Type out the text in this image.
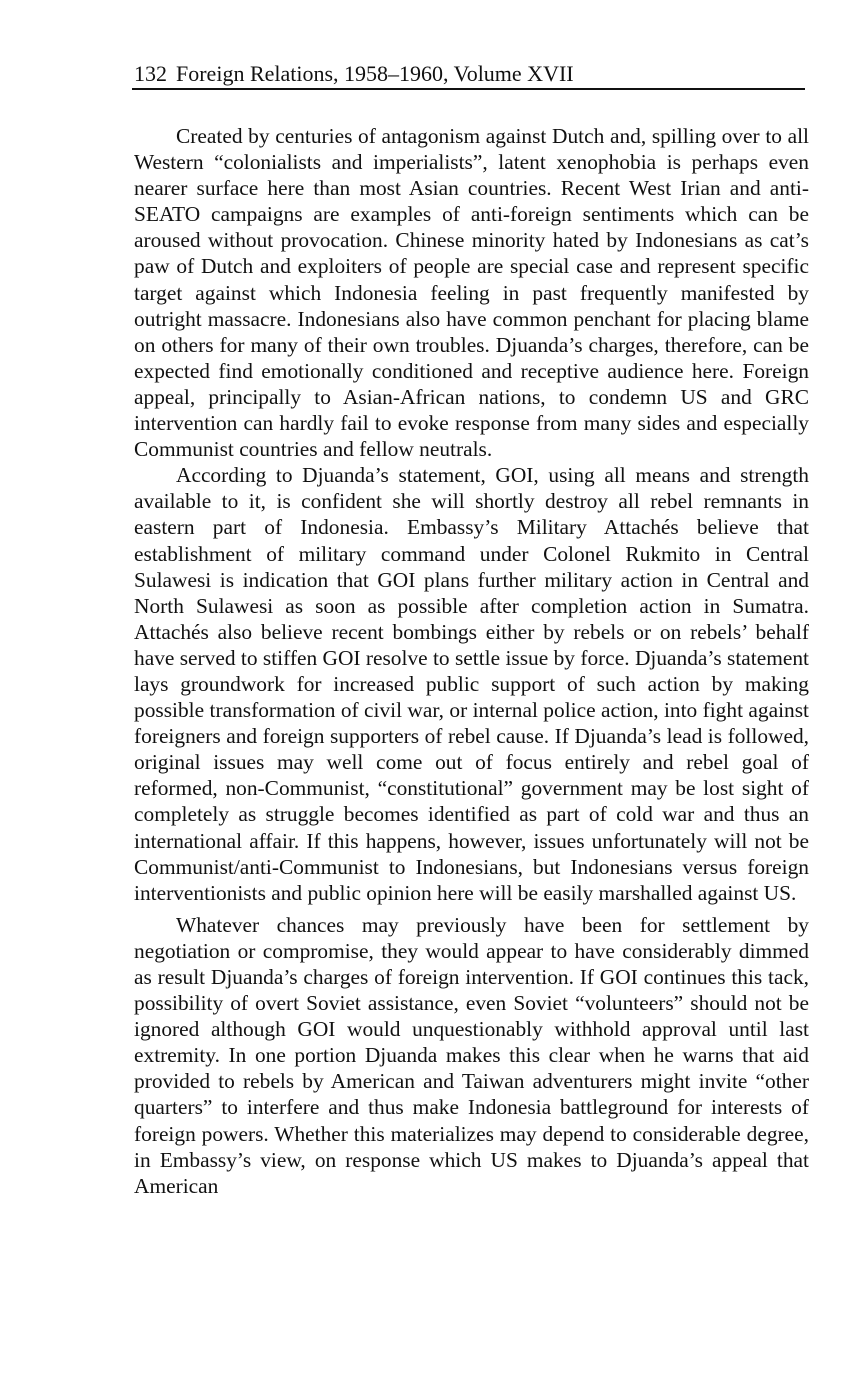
132 Foreign Relations, 1958–1960, Volume XVII

Created by centuries of antagonism against Dutch and, spilling over to all Western “colonialists and imperialists”, latent xenophobia is perhaps even nearer surface here than most Asian countries. Recent West Irian and anti-SEATO campaigns are examples of anti-foreign sentiments which can be aroused without provocation. Chinese minority hated by Indonesians as cat’s paw of Dutch and exploiters of people are special case and represent specific target against which Indonesia feeling in past frequently manifested by outright massacre. Indonesians also have common penchant for placing blame on others for many of their own troubles. Djuanda’s charges, therefore, can be expected find emotionally conditioned and receptive audience here. Foreign appeal, principally to Asian-African nations, to condemn US and GRC intervention can hardly fail to evoke response from many sides and especially Communist countries and fellow neutrals.

According to Djuanda’s statement, GOI, using all means and strength available to it, is confident she will shortly destroy all rebel remnants in eastern part of Indonesia. Embassy’s Military Attachés believe that establishment of military command under Colonel Rukmito in Central Sulawesi is indication that GOI plans further military action in Central and North Sulawesi as soon as possible after completion action in Sumatra. Attachés also believe recent bombings either by rebels or on rebels’ behalf have served to stiffen GOI resolve to settle issue by force. Djuanda’s statement lays groundwork for increased public support of such action by making possible transformation of civil war, or internal police action, into fight against foreigners and foreign supporters of rebel cause. If Djuanda’s lead is followed, original issues may well come out of focus entirely and rebel goal of reformed, non-Communist, “constitutional” government may be lost sight of completely as struggle becomes identified as part of cold war and thus an international affair. If this happens, however, issues unfortunately will not be Communist/anti-Communist to Indonesians, but Indonesians versus foreign interventionists and public opinion here will be easily marshalled against US.

Whatever chances may previously have been for settlement by negotiation or compromise, they would appear to have considerably dimmed as result Djuanda’s charges of foreign intervention. If GOI continues this tack, possibility of overt Soviet assistance, even Soviet “volunteers” should not be ignored although GOI would unquestionably withhold approval until last extremity. In one portion Djuanda makes this clear when he warns that aid provided to rebels by American and Taiwan adventurers might invite “other quarters” to interfere and thus make Indonesia battleground for interests of foreign powers. Whether this materializes may depend to considerable degree, in Embassy’s view, on response which US makes to Djuanda’s appeal that American
